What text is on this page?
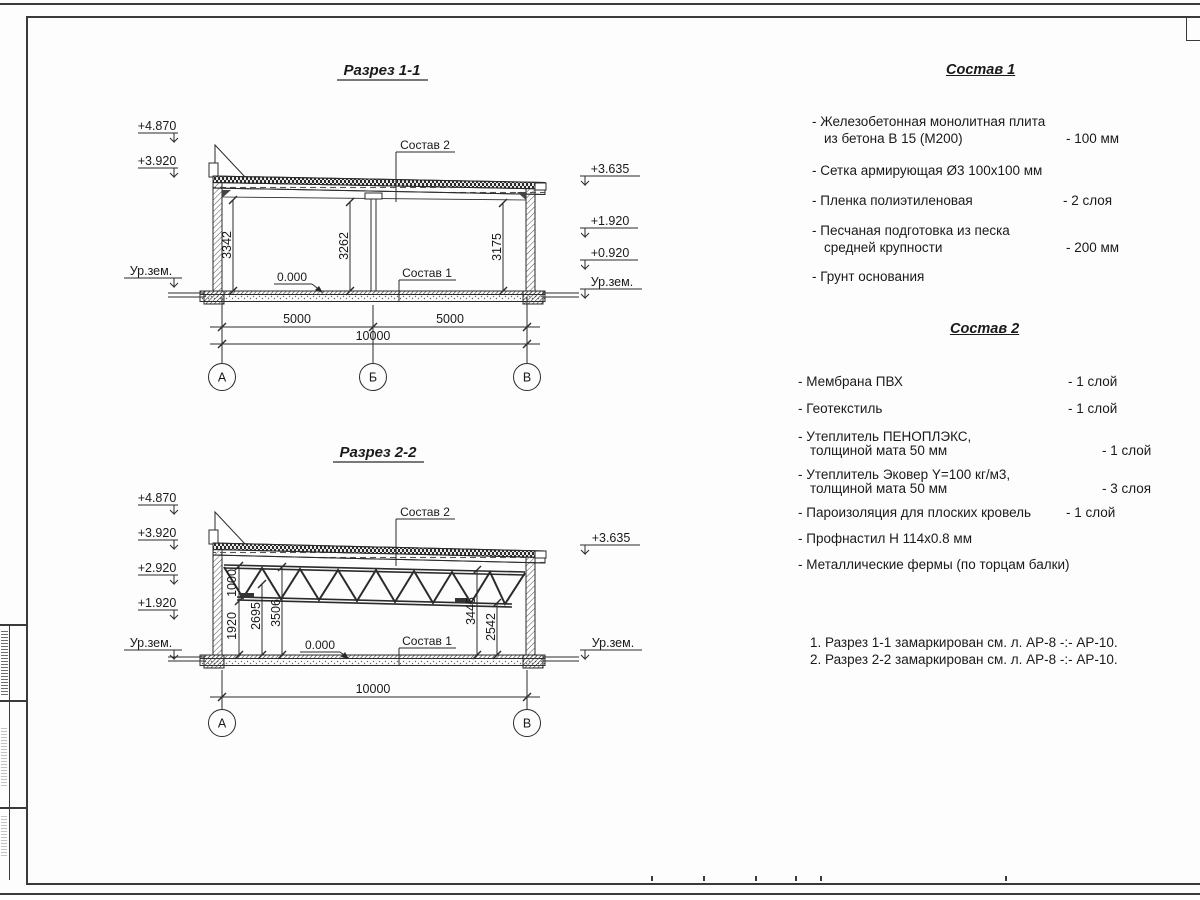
Разрез 1-1
+4.870
+3.920
Ур.зем.
+3.635
+1.920
+0.920
Ур.зем.
Состав 2
Состав 1
0.000
3342	3262	3175
5000	5000
10000
А	Б	В
Разрез 2-2
+4.870
+3.920
+2.920
+1.920
Ур.зем.
+3.635
Ур.зем.
Состав 2
Состав 1
0.000
1000
1920 2695 3506	3445
2542
10000
А	В
Состав 1
- Железобетонная монолитная плита
из бетона В 15 (М200)	- 100 мм
- Сетка армирующая Ø3 100х100 мм
- Пленка полиэтиленовая	- 2 слоя
- Песчаная подготовка из песка
средней крупности	- 200 мм
- Грунт основания
Состав 2
- Мембрана ПВХ	- 1 слой
- Геотекстиль	- 1 слой
- Утеплитель ПЕНОПЛЭКС,
толщиной мата 50 мм	- 1 слой
- Утеплитель Эковер Y=100 кг/м3,
толщиной мата 50 мм	- 3 слоя
- Пароизоляция для плоских кровель	- 1 слой
- Профнастил Н 114х0.8 мм
- Металлические фермы (по торцам балки)
1. Разрез 1-1 замаркирован см. л. АР-8 -:- АР-10.
2. Разрез 2-2 замаркирован см. л. АР-8 -:- АР-10.
